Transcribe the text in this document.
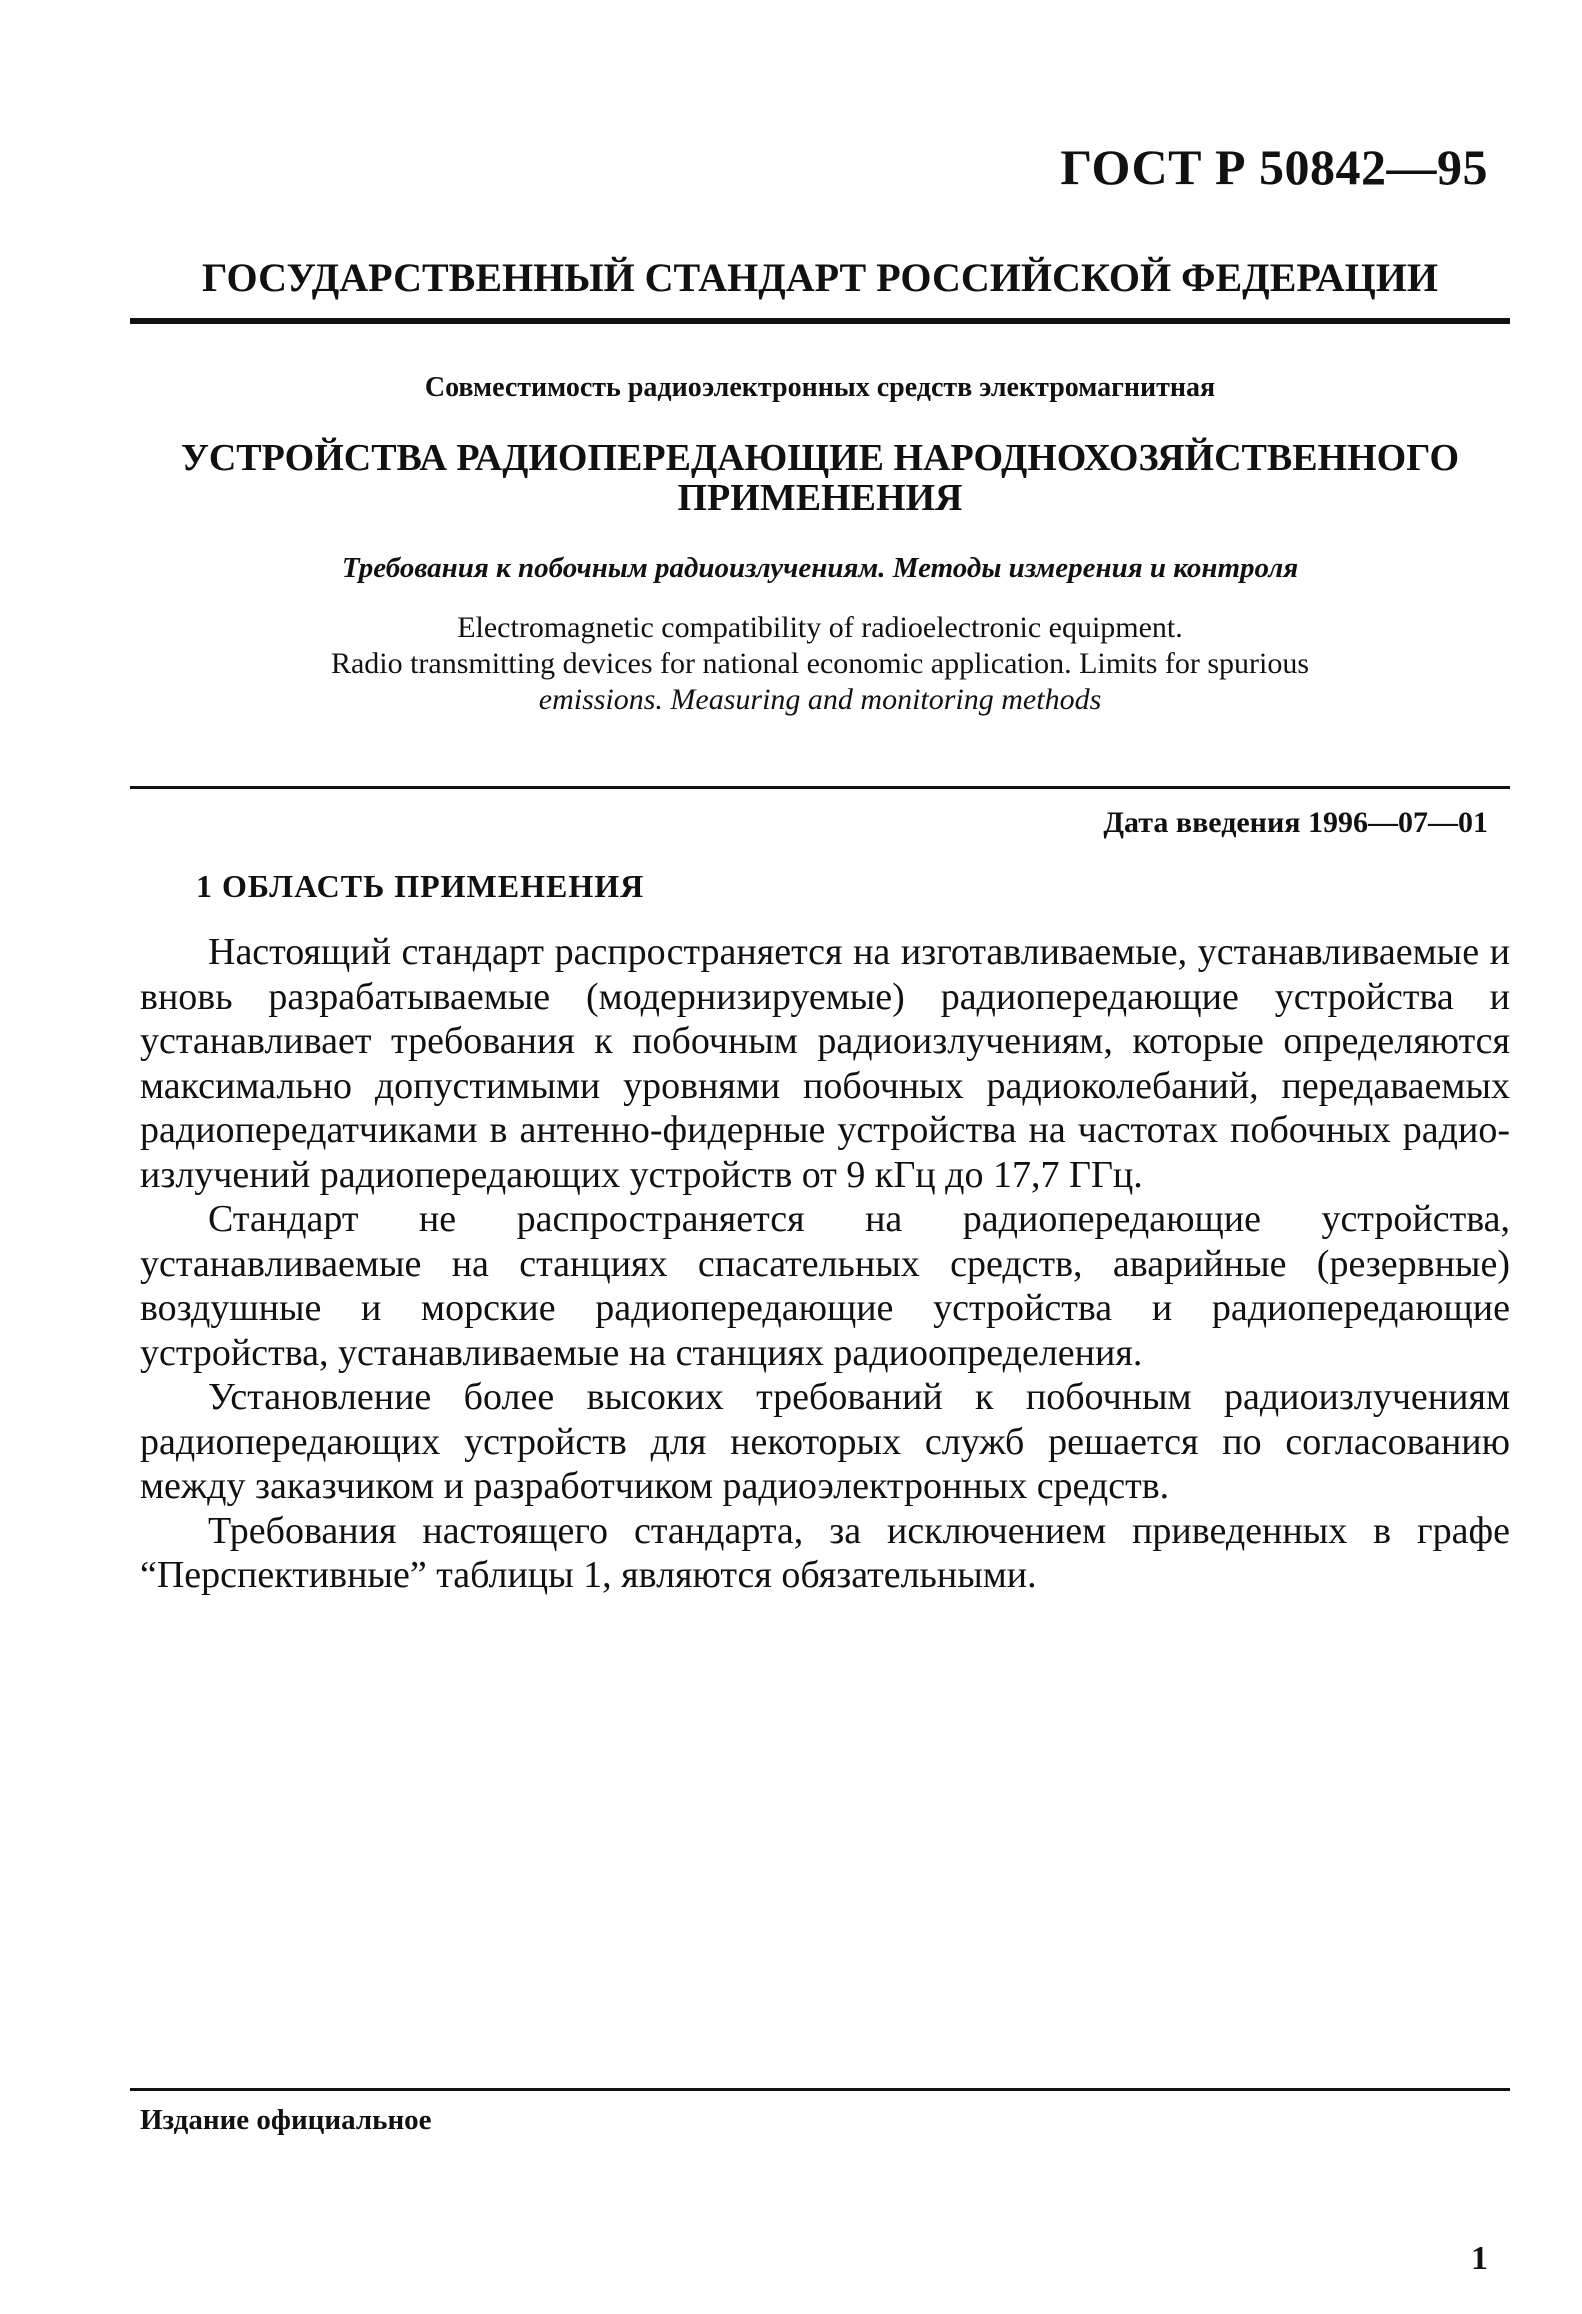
ГОСТ Р 50842—95
ГОСУДАРСТВЕННЫЙ СТАНДАРТ РОССИЙСКОЙ ФЕДЕРАЦИИ
Совместимость радиоэлектронных средств электромагнитная
УСТРОЙСТВА РАДИОПЕРЕДАЮЩИЕ НАРОДНОХОЗЯЙСТВЕННОГО
ПРИМЕНЕНИЯ
Требования к побочным радиоизлучениям. Методы измерения и контроля
Electromagnetic compatibility of radioelectronic equipment.
Radio transmitting devices for national economic application. Limits for spurious
emissions. Measuring and monitoring methods
Дата введения 1996—07—01
1 ОБЛАСТЬ ПРИМЕНЕНИЯ

Настоящий стандарт распространяется на изготавливаемые, устанавливаемые и вновь разрабатываемые (модернизируемые) радиопередающие устройства и устанавливает требования к побочным радиоизлучениям, которые определяются максимально допустимыми уровнями побочных радиоколебаний, передаваемых радиопередатчиками в антенно-фидерные устройства на частотах побочных радиоизлучений радиопередающих устройств от 9 кГц до 17,7 ГГц.

Стандарт не распространяется на радиопередающие устройства, устанавливаемые на станциях спасательных средств, аварийные (резервные) воздушные и морские радиопередающие устройства и радиопередающие устройства, устанавливаемые на станциях радиоопределения.

Установление более высоких требований к побочным радиоизлучениям радиопередающих устройств для некоторых служб решается по согласованию между заказчиком и разработчиком радиоэлектронных средств.

Требования настоящего стандарта, за исключением приведенных в графе “Перспективные” таблицы 1, являются обязательными.

Издание официальное
1
